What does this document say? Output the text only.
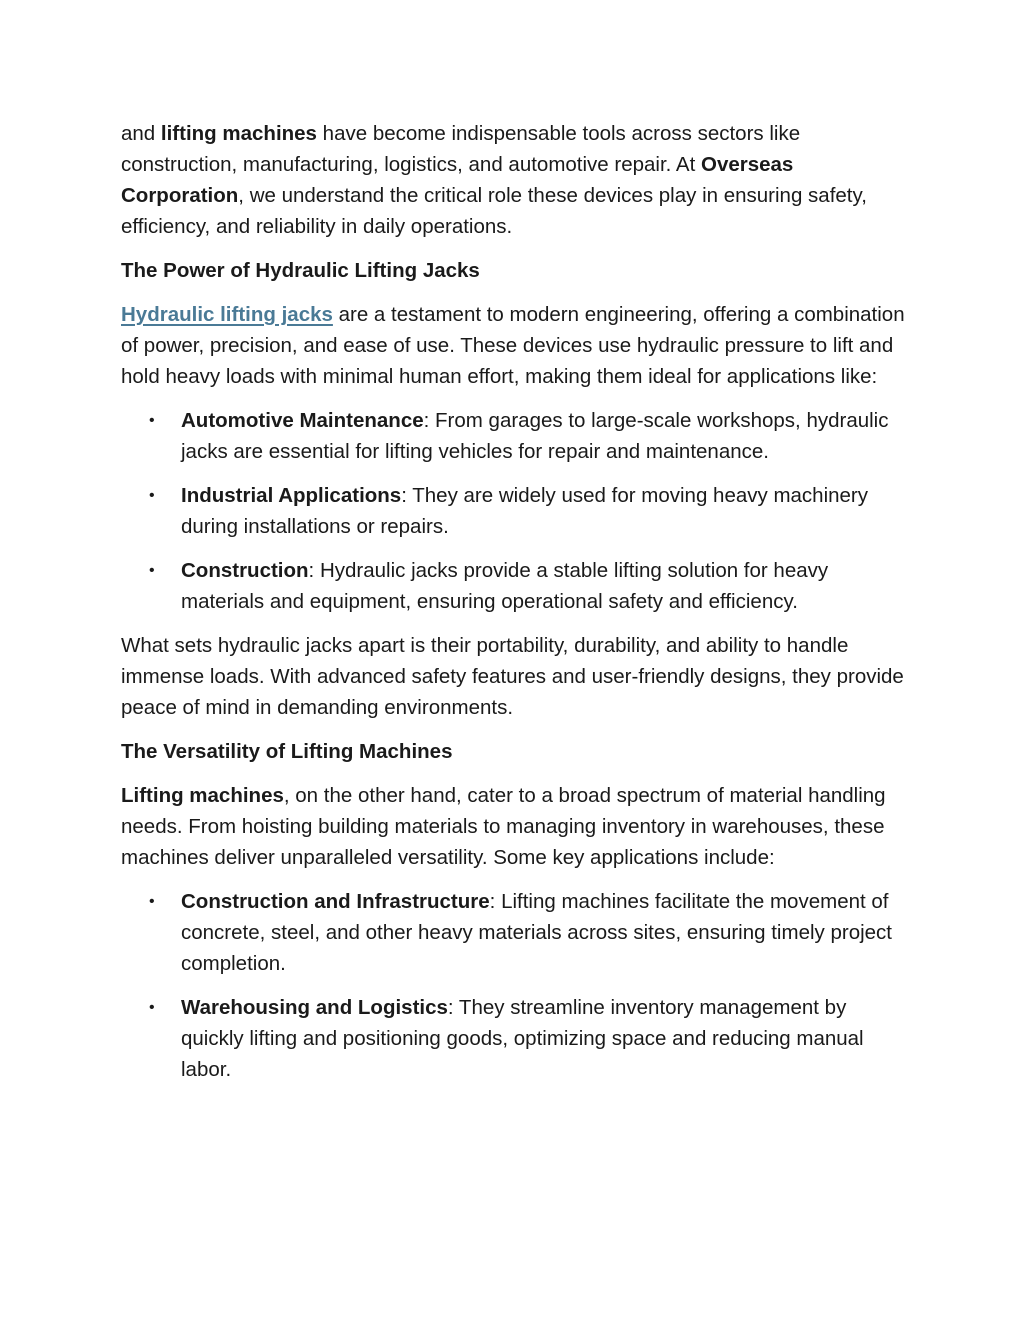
and lifting machines have become indispensable tools across sectors like construction, manufacturing, logistics, and automotive repair. At Overseas Corporation, we understand the critical role these devices play in ensuring safety, efficiency, and reliability in daily operations.

The Power of Hydraulic Lifting Jacks

Hydraulic lifting jacks are a testament to modern engineering, offering a combination of power, precision, and ease of use. These devices use hydraulic pressure to lift and hold heavy loads with minimal human effort, making them ideal for applications like:

• Automotive Maintenance: From garages to large-scale workshops, hydraulic jacks are essential for lifting vehicles for repair and maintenance.
• Industrial Applications: They are widely used for moving heavy machinery during installations or repairs.
• Construction: Hydraulic jacks provide a stable lifting solution for heavy materials and equipment, ensuring operational safety and efficiency.

What sets hydraulic jacks apart is their portability, durability, and ability to handle immense loads. With advanced safety features and user-friendly designs, they provide peace of mind in demanding environments.

The Versatility of Lifting Machines

Lifting machines, on the other hand, cater to a broad spectrum of material handling needs. From hoisting building materials to managing inventory in warehouses, these machines deliver unparalleled versatility. Some key applications include:

• Construction and Infrastructure: Lifting machines facilitate the movement of concrete, steel, and other heavy materials across sites, ensuring timely project completion.
• Warehousing and Logistics: They streamline inventory management by quickly lifting and positioning goods, optimizing space and reducing manual labor.
